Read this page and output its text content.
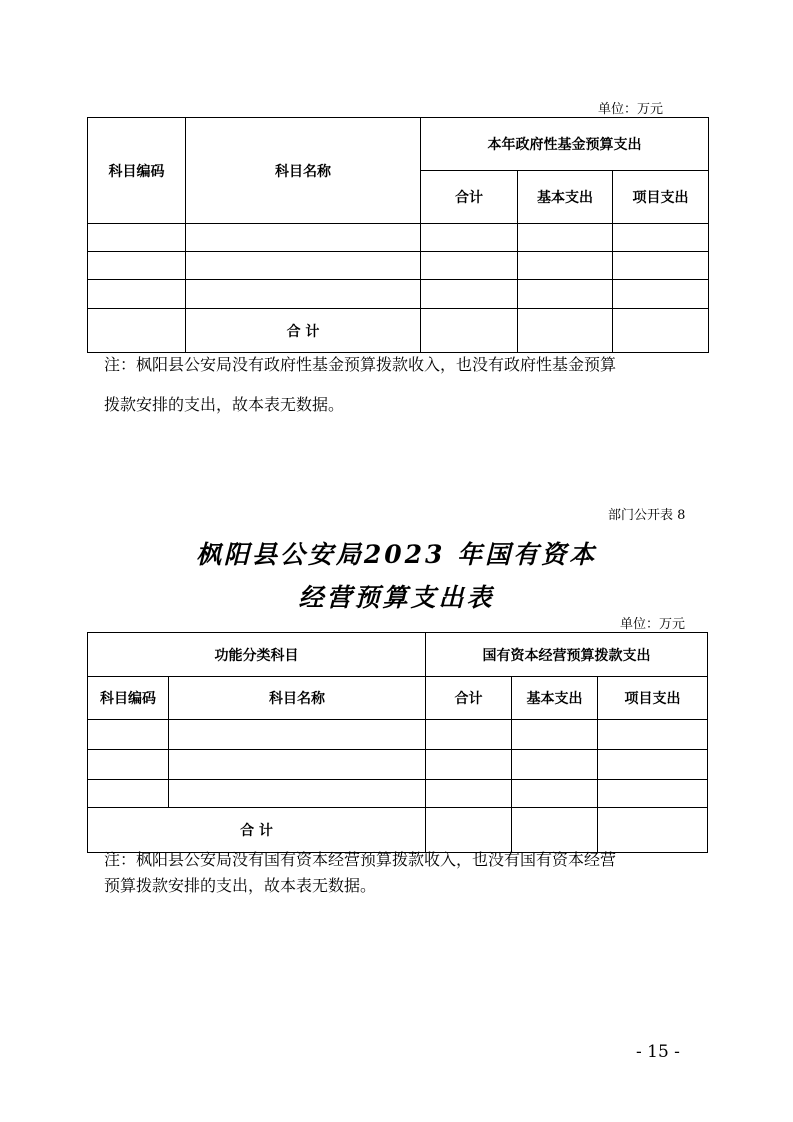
单位：万元
科目编码	科目名称	本年政府性基金预算支出		
		合计	基本支出	项目支出

	合 计			
注：枫阳县公安局没有政府性基金预算拨款收入，也没有政府性基金预算
拨款安排的支出，故本表无数据。
部门公开表 8
枫阳县公安局2023 年国有资本
经营预算支出表
单位：万元
功能分类科目		国有资本经营预算拨款支出		
科目编码	科目名称	合计	基本支出	项目支出

合 计				
注：枫阳县公安局没有国有资本经营预算拨款收入，也没有国有资本经营
预算拨款安排的支出，故本表无数据。
- 15 -
